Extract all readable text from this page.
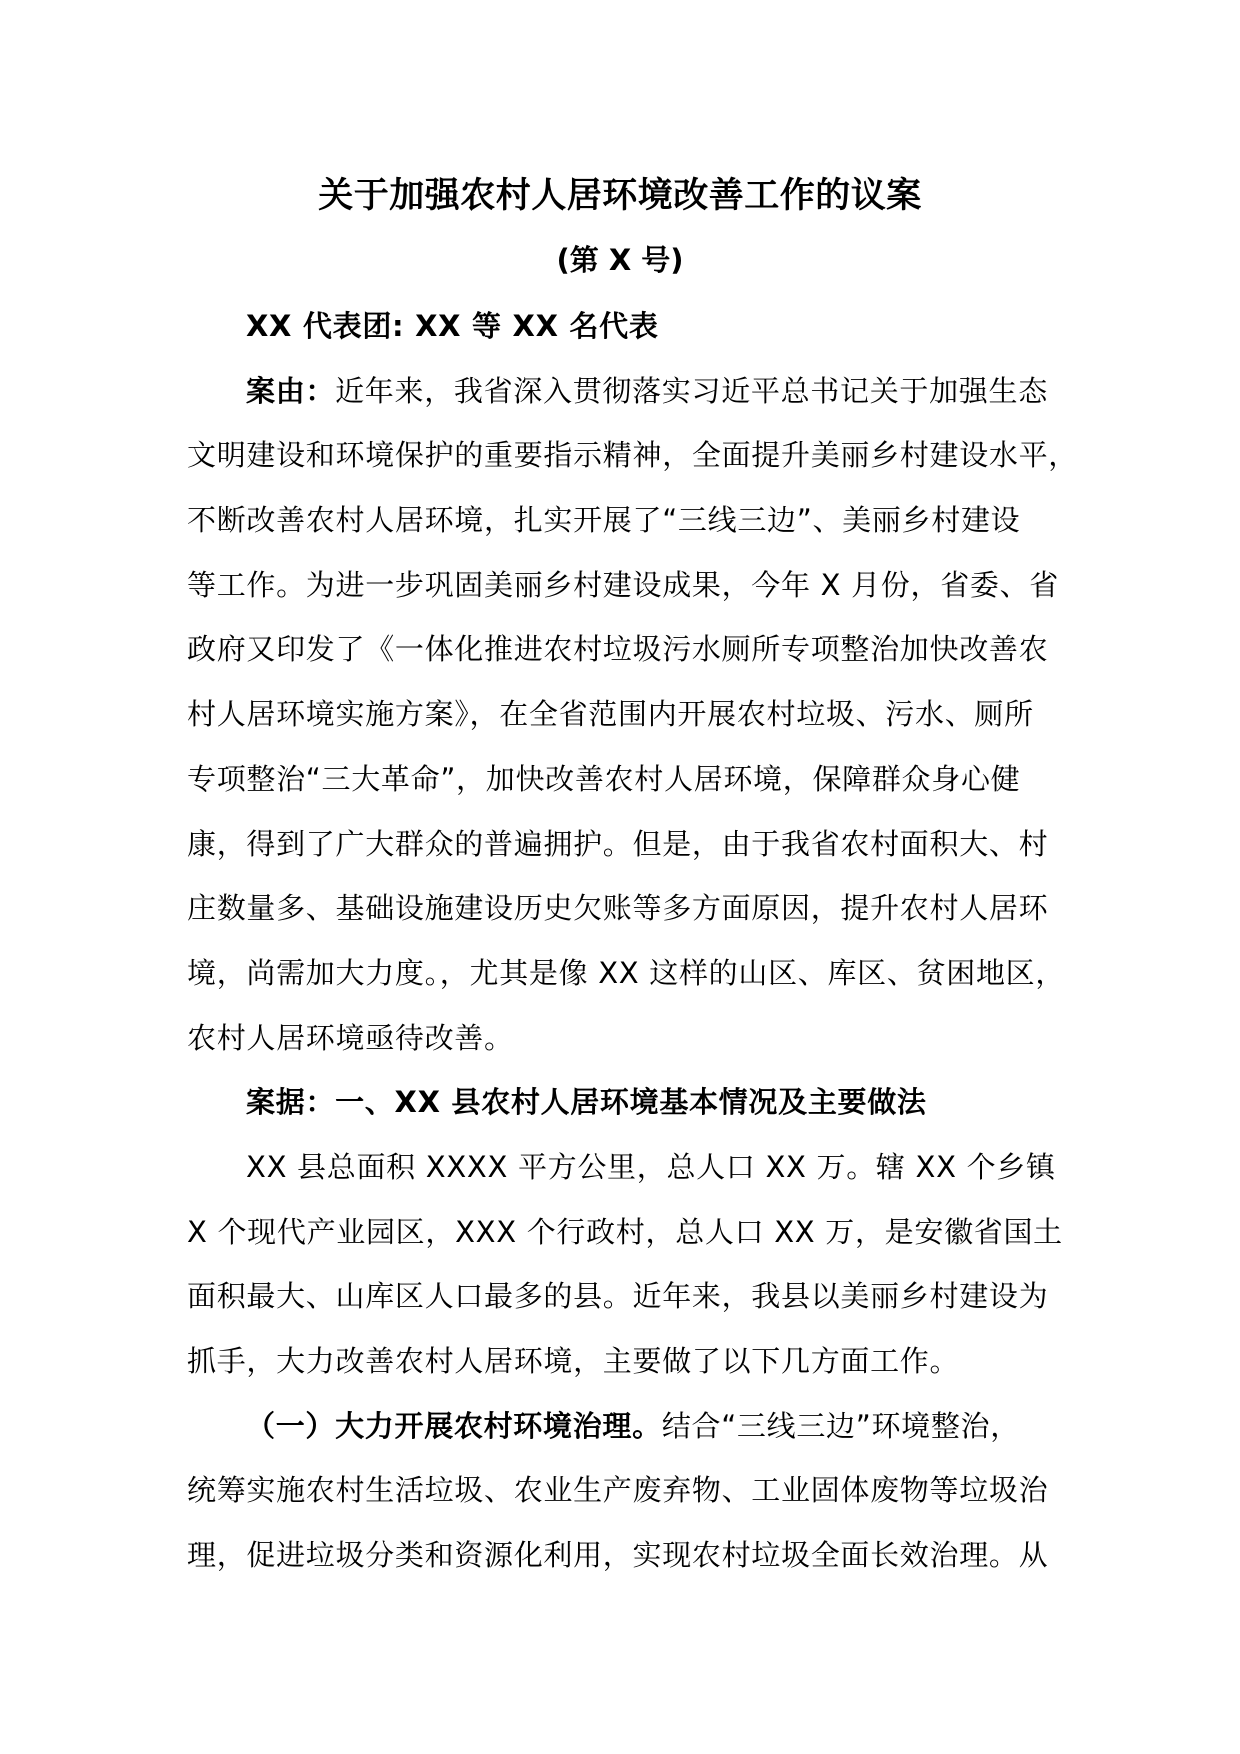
关于加强农村人居环境改善工作的议案
(第 X 号)
XX 代表团: XX 等 XX 名代表
案由：近年来，我省深入贯彻落实习近平总书记关于加强生态
文明建设和环境保护的重要指示精神，全面提升美丽乡村建设水平，
不断改善农村人居环境，扎实开展了“三线三边”、美丽乡村建设
等工作。为进一步巩固美丽乡村建设成果，今年 X 月份，省委、省
政府又印发了《一体化推进农村垃圾污水厕所专项整治加快改善农
村人居环境实施方案》，在全省范围内开展农村垃圾、污水、厕所
专项整治“三大革命”，加快改善农村人居环境，保障群众身心健
康，得到了广大群众的普遍拥护。但是，由于我省农村面积大、村
庄数量多、基础设施建设历史欠账等多方面原因，提升农村人居环
境，尚需加大力度。，尤其是像 XX 这样的山区、库区、贫困地区，
农村人居环境亟待改善。
案据：一、XX 县农村人居环境基本情况及主要做法
XX 县总面积 XXXX 平方公里，总人口 XX 万。辖 XX 个乡镇
X 个现代产业园区，XXX 个行政村，总人口 XX 万，是安徽省国土
面积最大、山库区人口最多的县。近年来，我县以美丽乡村建设为
抓手，大力改善农村人居环境，主要做了以下几方面工作。
（一）大力开展农村环境治理。结合“三线三边”环境整治，
统筹实施农村生活垃圾、农业生产废弃物、工业固体废物等垃圾治
理，促进垃圾分类和资源化利用，实现农村垃圾全面长效治理。从
